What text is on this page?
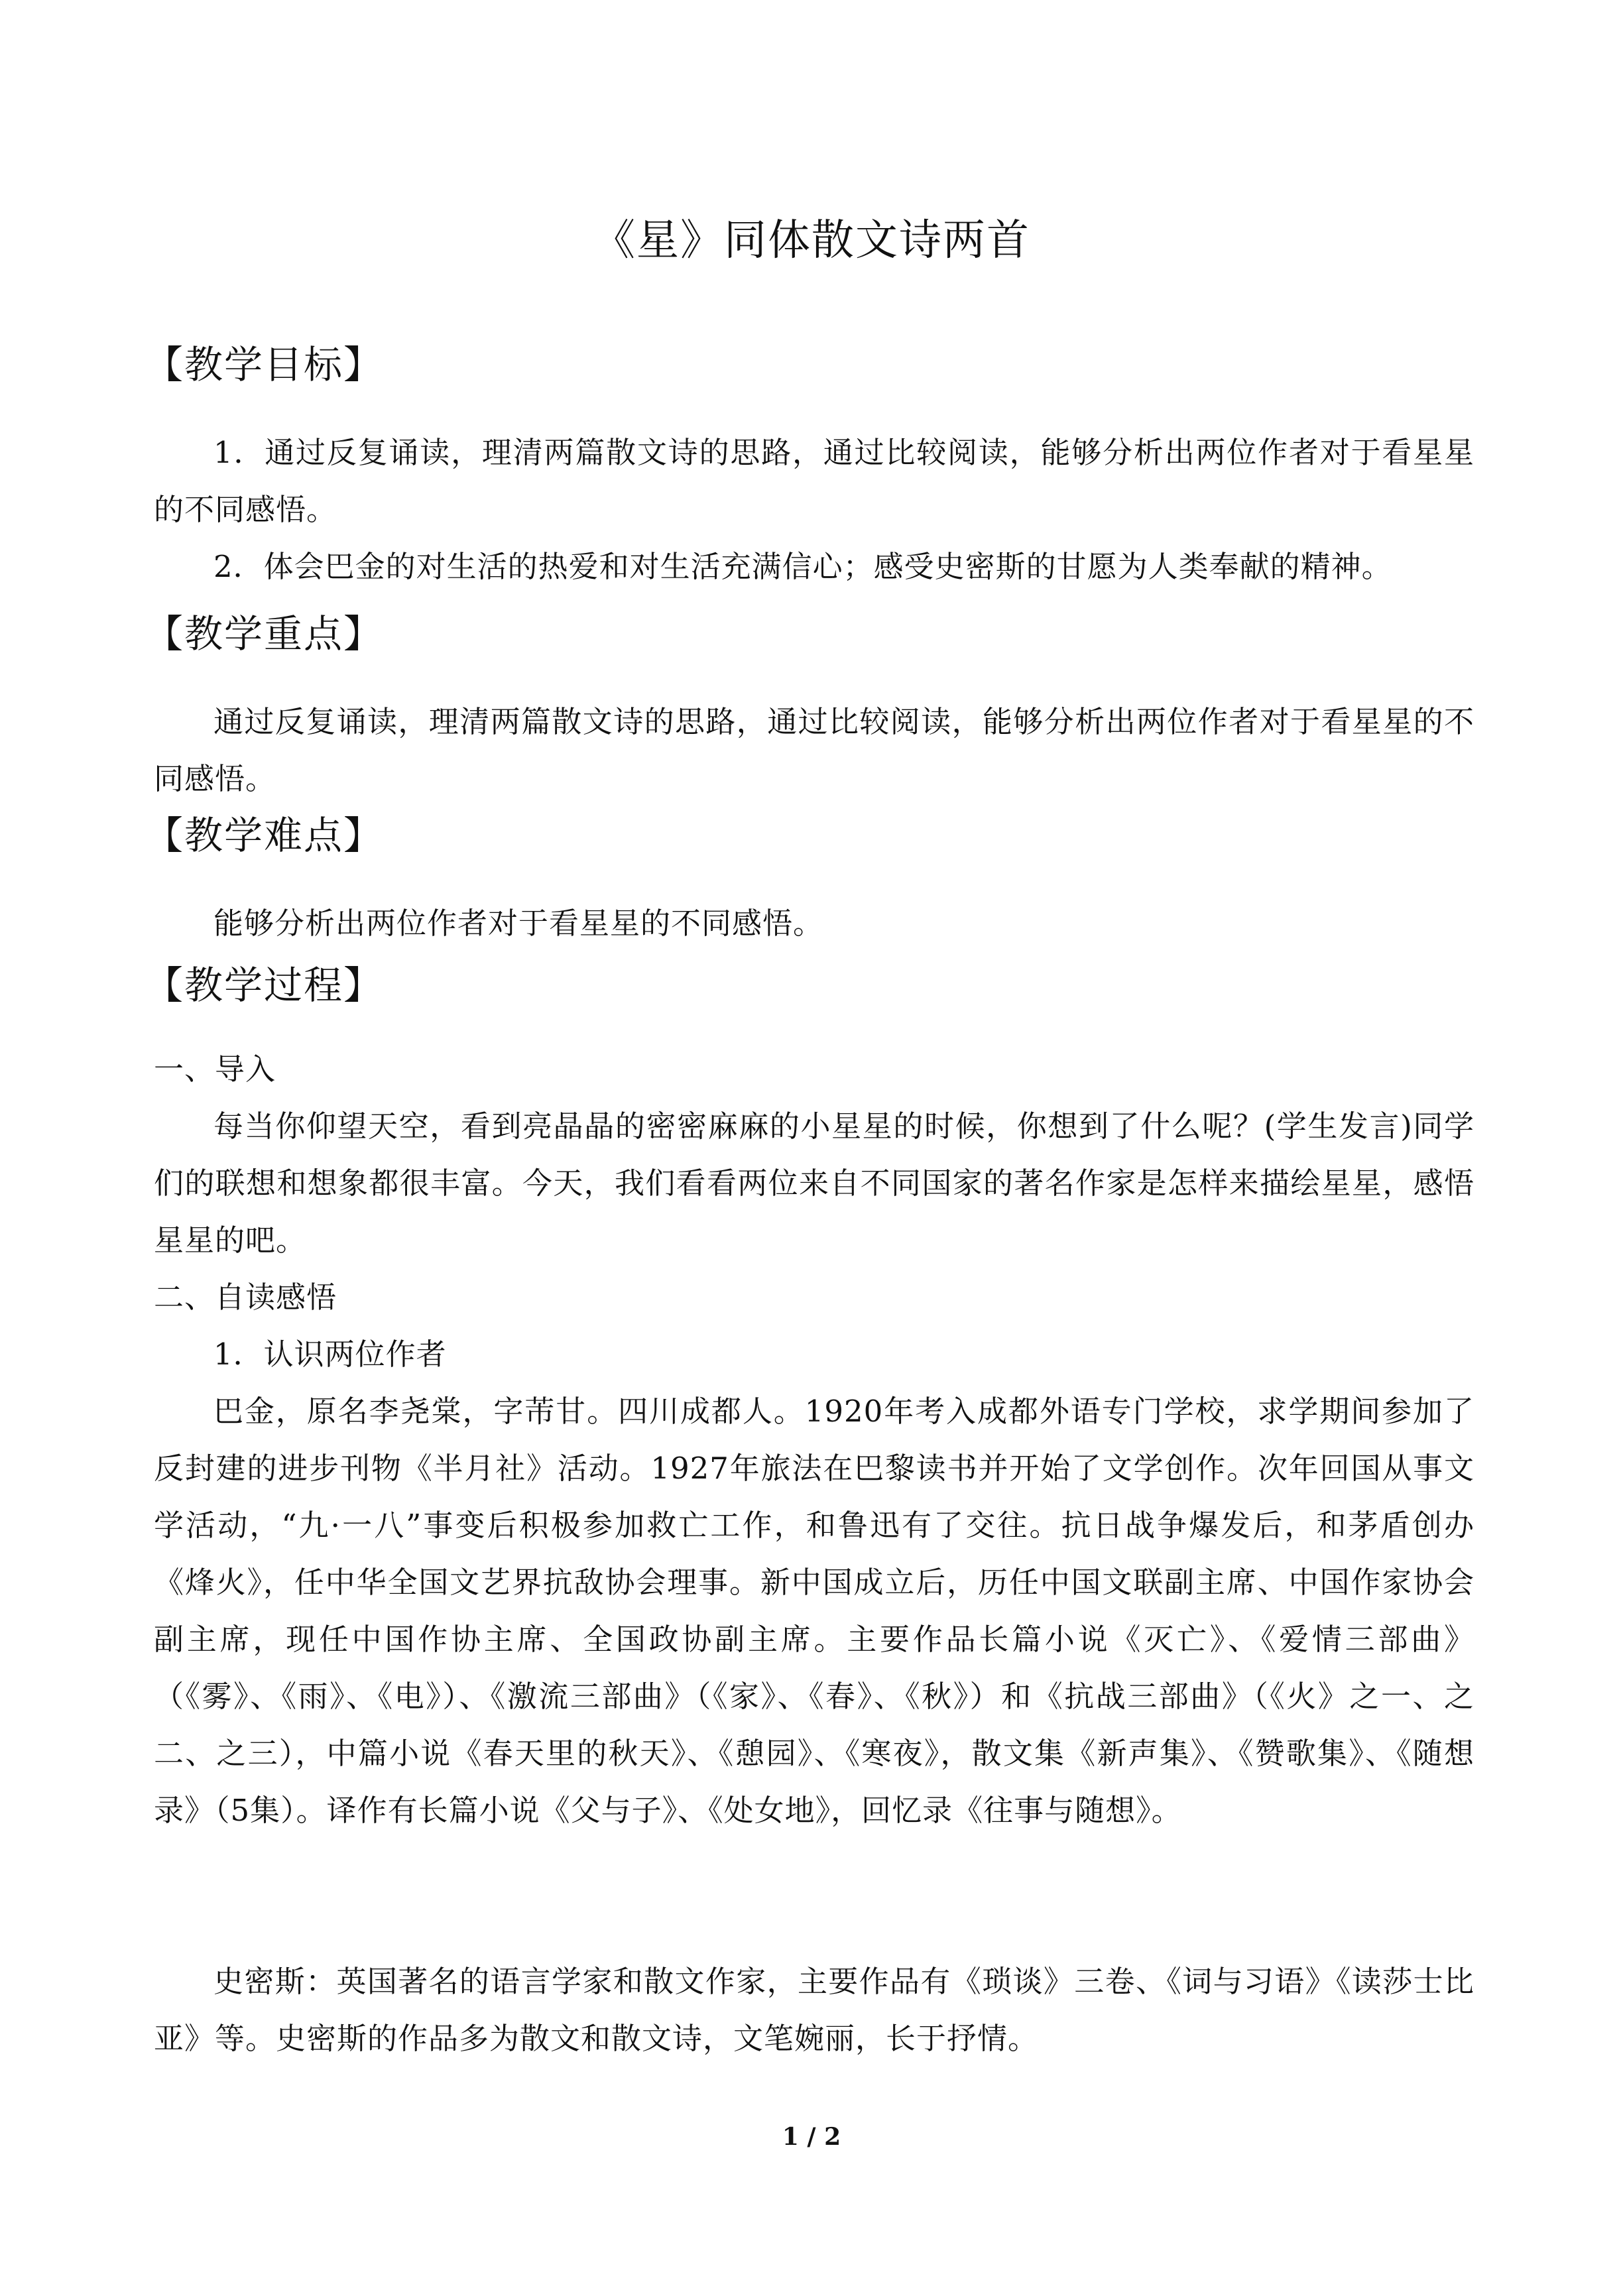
《星》同体散文诗两首
【教学目标】
1．通过反复诵读，理清两篇散文诗的思路，通过比较阅读，能够分析出两位作者对于看星星的不同感悟。
2．体会巴金的对生活的热爱和对生活充满信心；感受史密斯的甘愿为人类奉献的精神。
【教学重点】
通过反复诵读，理清两篇散文诗的思路，通过比较阅读，能够分析出两位作者对于看星星的不同感悟。
【教学难点】
能够分析出两位作者对于看星星的不同感悟。
【教学过程】
一、导入
每当你仰望天空，看到亮晶晶的密密麻麻的小星星的时候，你想到了什么呢？(学生发言)同学们的联想和想象都很丰富。今天，我们看看两位来自不同国家的著名作家是怎样来描绘星星，感悟星星的吧。
二、自读感悟
1．认识两位作者
巴金，原名李尧棠，字芾甘。四川成都人。1920年考入成都外语专门学校，求学期间参加了反封建的进步刊物《半月社》活动。1927年旅法在巴黎读书并开始了文学创作。次年回国从事文学活动，“九·一八”事变后积极参加救亡工作，和鲁迅有了交往。抗日战争爆发后，和茅盾创办《烽火》，任中华全国文艺界抗敌协会理事。新中国成立后，历任中国文联副主席、中国作家协会副主席，现任中国作协主席、全国政协副主席。主要作品长篇小说《灭亡》、《爱情三部曲》（《雾》、《雨》、《电》）、《激流三部曲》（《家》、《春》、《秋》）和《抗战三部曲》（《火》之一、之二、之三），中篇小说《春天里的秋天》、《憩园》、《寒夜》，散文集《新声集》、《赞歌集》、《随想录》（5集）。译作有长篇小说《父与子》、《处女地》，回忆录《往事与随想》。
史密斯：英国著名的语言学家和散文作家，主要作品有《琐谈》三卷、《词与习语》《读莎士比亚》等。史密斯的作品多为散文和散文诗，文笔婉丽，长于抒情。
1 / 2
